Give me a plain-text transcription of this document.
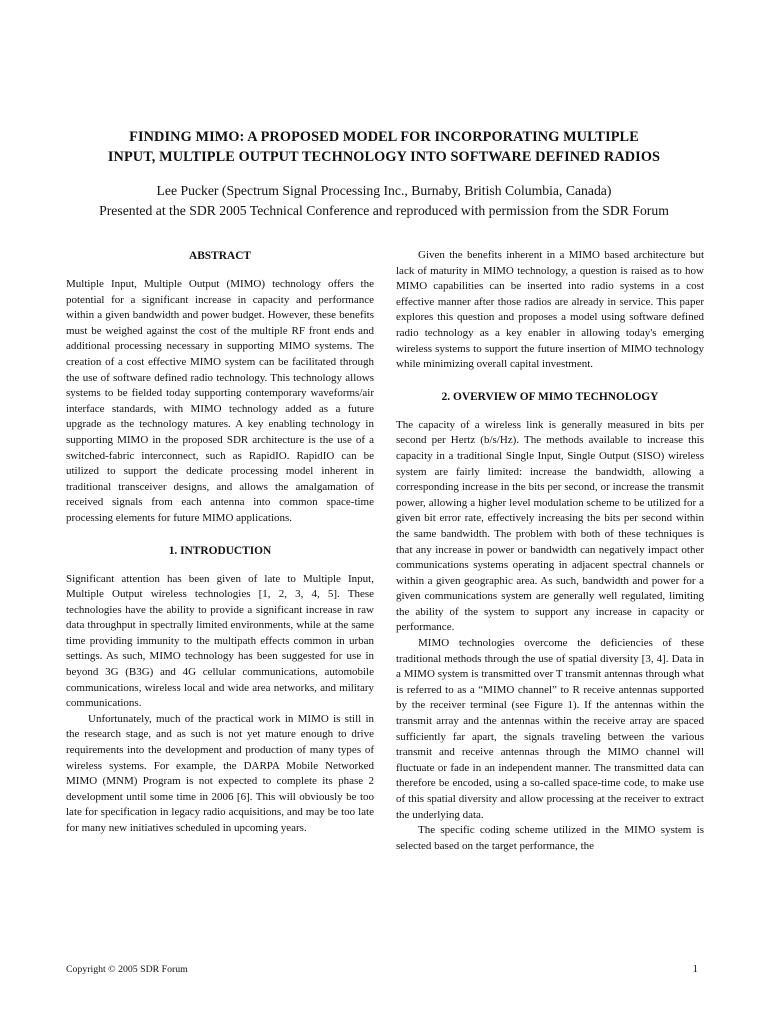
FINDING MIMO: A PROPOSED MODEL FOR INCORPORATING MULTIPLE
INPUT, MULTIPLE OUTPUT TECHNOLOGY INTO SOFTWARE DEFINED RADIOS
Lee Pucker (Spectrum Signal Processing Inc., Burnaby, British Columbia, Canada)
Presented at the SDR 2005 Technical Conference and reproduced with permission from the SDR Forum
ABSTRACT

Multiple Input, Multiple Output (MIMO) technology offers the potential for a significant increase in capacity and performance within a given bandwidth and power budget. However, these benefits must be weighed against the cost of the multiple RF front ends and additional processing necessary in supporting MIMO systems. The creation of a cost effective MIMO system can be facilitated through the use of software defined radio technology. This technology allows systems to be fielded today supporting contemporary waveforms/air interface standards, with MIMO technology added as a future upgrade as the technology matures. A key enabling technology in supporting MIMO in the proposed SDR architecture is the use of a switched-fabric interconnect, such as RapidIO. RapidIO can be utilized to support the dedicate processing model inherent in traditional transceiver designs, and allows the amalgamation of received signals from each antenna into common space-time processing elements for future MIMO applications.

1. INTRODUCTION

Significant attention has been given of late to Multiple Input, Multiple Output wireless technologies [1, 2, 3, 4, 5]. These technologies have the ability to provide a significant increase in raw data throughput in spectrally limited environments, while at the same time providing immunity to the multipath effects common in urban settings. As such, MIMO technology has been suggested for use in beyond 3G (B3G) and 4G cellular communications, automobile communications, wireless local and wide area networks, and military communications.

Unfortunately, much of the practical work in MIMO is still in the research stage, and as such is not yet mature enough to drive requirements into the development and production of many types of wireless systems. For example, the DARPA Mobile Networked MIMO (MNM) Program is not expected to complete its phase 2 development until some time in 2006 [6]. This will obviously be too late for specification in legacy radio acquisitions, and may be too late for many new initiatives scheduled in upcoming years.

Given the benefits inherent in a MIMO based architecture but lack of maturity in MIMO technology, a question is raised as to how MIMO capabilities can be inserted into radio systems in a cost effective manner after those radios are already in service. This paper explores this question and proposes a model using software defined radio technology as a key enabler in allowing today's emerging wireless systems to support the future insertion of MIMO technology while minimizing overall capital investment.

2. OVERVIEW OF MIMO TECHNOLOGY

The capacity of a wireless link is generally measured in bits per second per Hertz (b/s/Hz). The methods available to increase this capacity in a traditional Single Input, Single Output (SISO) wireless system are fairly limited: increase the bandwidth, allowing a corresponding increase in the bits per second, or increase the transmit power, allowing a higher level modulation scheme to be utilized for a given bit error rate, effectively increasing the bits per second within the same bandwidth. The problem with both of these techniques is that any increase in power or bandwidth can negatively impact other communications systems operating in adjacent spectral channels or within a given geographic area. As such, bandwidth and power for a given communications system are generally well regulated, limiting the ability of the system to support any increase in capacity or performance.

MIMO technologies overcome the deficiencies of these traditional methods through the use of spatial diversity [3, 4]. Data in a MIMO system is transmitted over T transmit antennas through what is referred to as a “MIMO channel” to R receive antennas supported by the receiver terminal (see Figure 1). If the antennas within the transmit array and the antennas within the receive array are spaced sufficiently far apart, the signals traveling between the various transmit and receive antennas through the MIMO channel will fluctuate or fade in an independent manner. The transmitted data can therefore be encoded, using a so-called space-time code, to make use of this spatial diversity and allow processing at the receiver to extract the underlying data.

The specific coding scheme utilized in the MIMO system is selected based on the target performance, the

Copyright © 2005 SDR Forum	1
